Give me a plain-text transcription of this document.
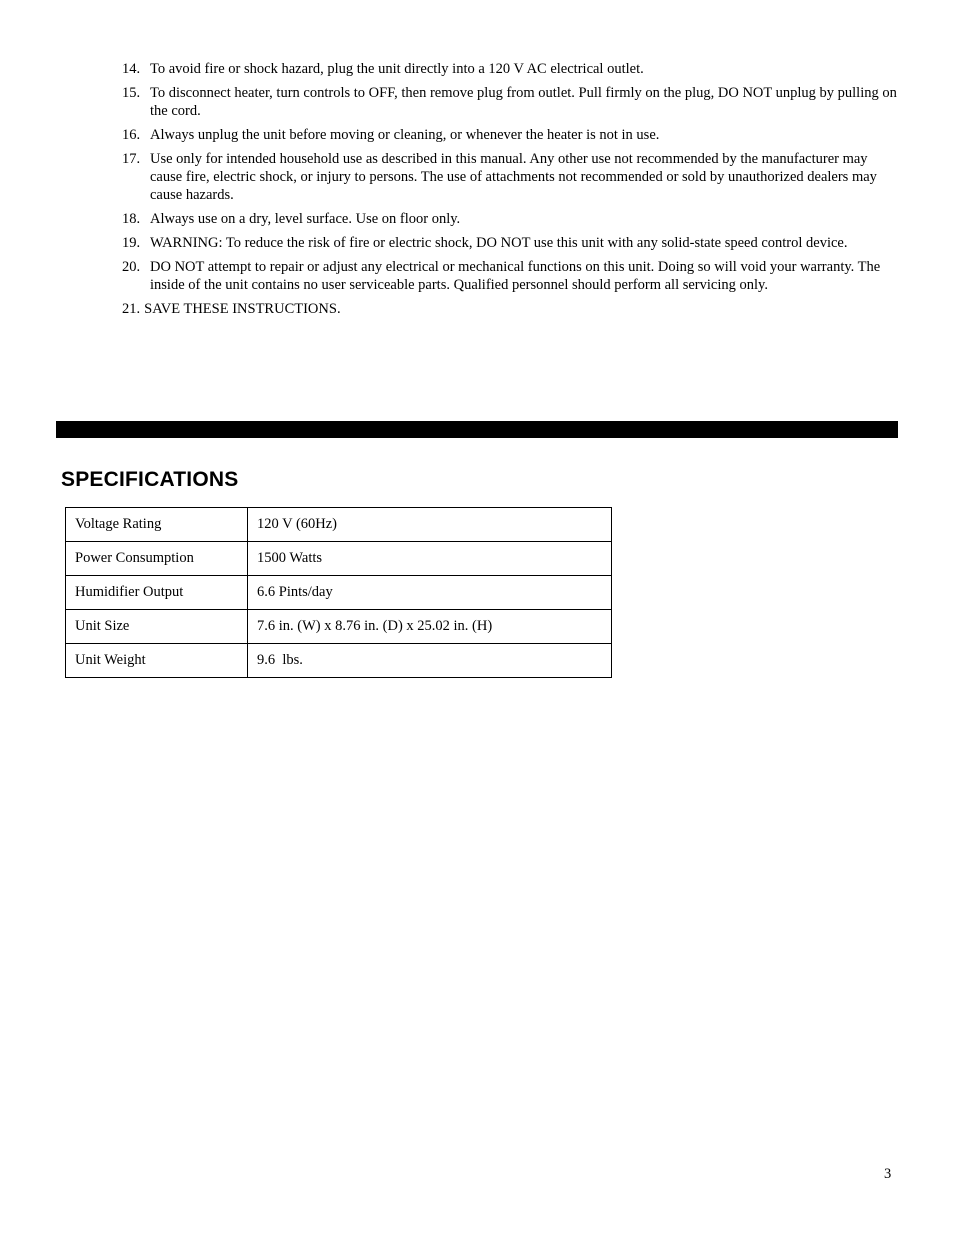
14. To avoid fire or shock hazard, plug the unit directly into a 120 V AC electrical outlet.
15. To disconnect heater, turn controls to OFF, then remove plug from outlet. Pull firmly on the plug, DO NOT unplug by pulling on the cord.
16. Always unplug the unit before moving or cleaning, or whenever the heater is not in use.
17. Use only for intended household use as described in this manual. Any other use not recommended by the manufacturer may cause fire, electric shock, or injury to persons. The use of attachments not recommended or sold by unauthorized dealers may cause hazards.
18. Always use on a dry, level surface. Use on floor only.
19. WARNING: To reduce the risk of fire or electric shock, DO NOT use this unit with any solid-state speed control device.
20. DO NOT attempt to repair or adjust any electrical or mechanical functions on this unit. Doing so will void your warranty. The inside of the unit contains no user serviceable parts. Qualified personnel should perform all servicing only.
21. SAVE THESE INSTRUCTIONS.
SPECIFICATIONS
Voltage Rating	120 V (60Hz)
Power Consumption	1500 Watts
Humidifier Output	6.6 Pints/day
Unit Size	7.6 in. (W) x 8.76 in. (D) x 25.02 in. (H)
Unit Weight	9.6  lbs.
3
